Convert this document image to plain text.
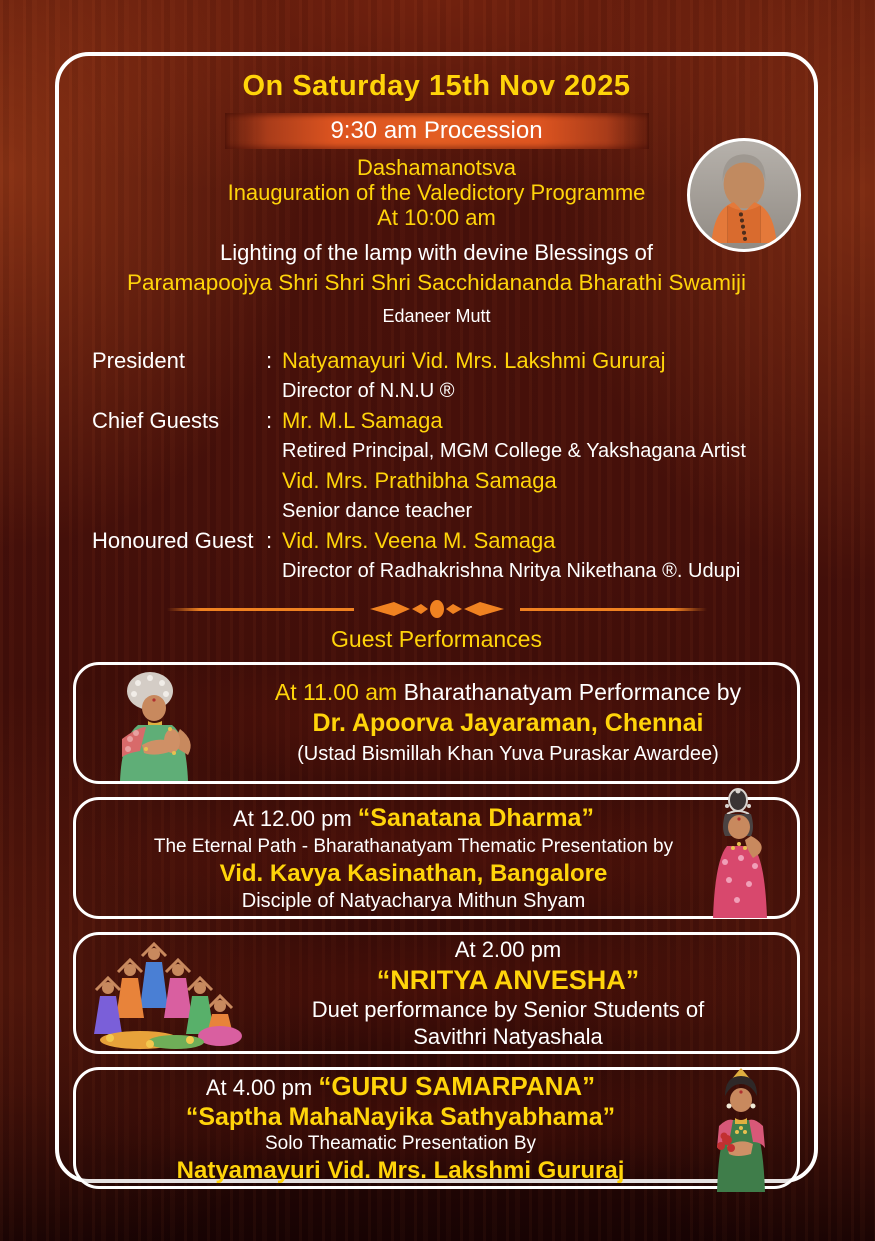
On Saturday 15th Nov 2025
9:30 am Procession
Dashamanotsva
Inauguration of the Valedictory Programme
At 10:00 am
Lighting of the lamp with devine Blessings of
Paramapoojya Shri Shri Shri Sacchidananda Bharathi Swamiji
Edaneer Mutt
President	: Natyamayuri Vid. Mrs. Lakshmi Gururaj
Director of N.N.U ®
Chief Guests	: Mr. M.L Samaga
Retired Principal, MGM College & Yakshagana Artist
Vid. Mrs. Prathibha Samaga
Senior dance teacher
Honoured Guest : Vid. Mrs. Veena M. Samaga
Director of Radhakrishna Nritya Nikethana ®. Udupi
Guest Performances
At 11.00 am Bharathanatyam Performance by
Dr. Apoorva Jayaraman, Chennai
(Ustad Bismillah Khan Yuva Puraskar Awardee)
At 12.00 pm “Sanatana Dharma”
The Eternal Path - Bharathanatyam Thematic Presentation by
Vid. Kavya Kasinathan, Bangalore
Disciple of Natyacharya Mithun Shyam
At 2.00 pm
“NRITYA ANVESHA”
Duet performance by Senior Students of
Savithri Natyashala
At 4.00 pm “GURU SAMARPANA”
“Saptha MahaNayika Sathyabhama”
Solo Theamatic Presentation By
Natyamayuri Vid. Mrs. Lakshmi Gururaj
